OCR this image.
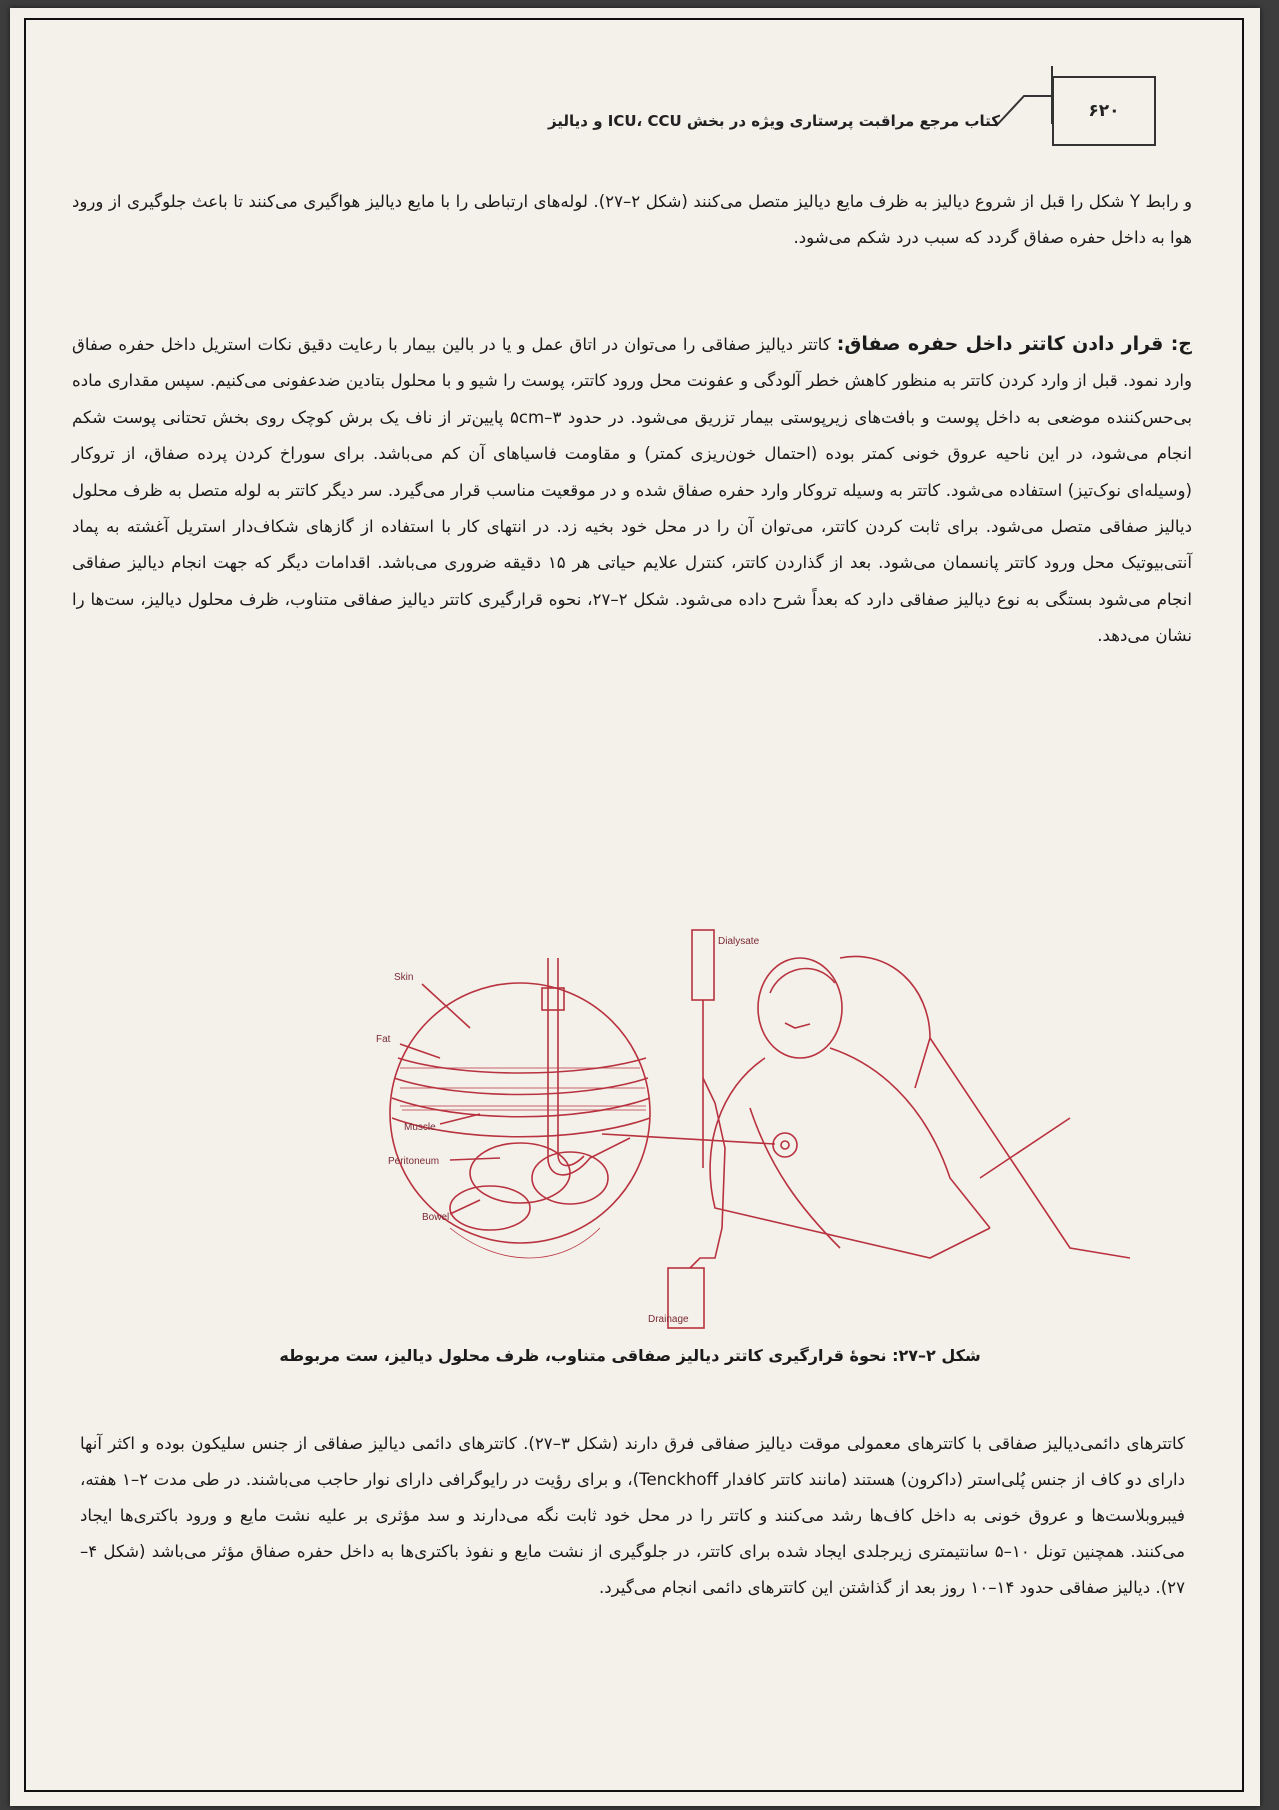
۶۲۰
کتاب مرجع مراقبت پرستاری ویژه در بخش ICU، CCU و دیالیز
و رابط Y شکل را قبل از شروع دیالیز به ظرف مایع دیالیز متصل می‌کنند (شکل ۲–۲۷). لوله‌های ارتباطی را با مایع دیالیز هواگیری می‌کنند تا باعث جلوگیری از ورود هوا به داخل حفره صفاق گردد که سبب درد شکم می‌شود.
ج: قرار دادن کاتتر داخل حفره صفاق: کاتتر دیالیز صفاقی را می‌توان در اتاق عمل و یا در بالین بیمار با رعایت دقیق نکات استریل داخل حفره صفاق وارد نمود. قبل از وارد کردن کاتتر به منظور کاهش خطر آلودگی و عفونت محل ورود کاتتر، پوست را شیو و با محلول بتادین ضدعفونی می‌کنیم. سپس مقداری ماده بی‌حس‌کننده موضعی به داخل پوست و بافت‌های زیرپوستی بیمار تزریق می‌شود. در حدود ۳–۵cm پایین‌تر از ناف یک برش کوچک روی بخش تحتانی پوست شکم انجام می‌شود، در این ناحیه عروق خونی کمتر بوده (احتمال خون‌ریزی کمتر) و مقاومت فاسیاهای آن کم می‌باشد. برای سوراخ کردن پرده صفاق، از تروکار (وسیله‌ای نوک‌تیز) استفاده می‌شود. کاتتر به وسیله تروکار وارد حفره صفاق شده و در موقعیت مناسب قرار می‌گیرد. سر دیگر کاتتر به لوله متصل به ظرف محلول دیالیز صفاقی متصل می‌شود. برای ثابت کردن کاتتر، می‌توان آن را در محل خود بخیه زد. در انتهای کار با استفاده از گازهای شکاف‌دار استریل آغشته به پماد آنتی‌بیوتیک محل ورود کاتتر پانسمان می‌شود. بعد از گذاردن کاتتر، کنترل علایم حیاتی هر ۱۵ دقیقه ضروری می‌باشد. اقدامات دیگر که جهت انجام دیالیز صفاقی انجام می‌شود بستگی به نوع دیالیز صفاقی دارد که بعداً شرح داده می‌شود. شکل ۲–۲۷، نحوه قرارگیری کاتتر دیالیز صفاقی متناوب، ظرف محلول دیالیز، ست‌ها را نشان می‌دهد.
Dialysate
Skin
Fat
Muscle
Peritoneum
Bowel
Drainage
شکل ۲–۲۷: نحوهٔ قرارگیری کاتتر دیالیز صفاقی متناوب، ظرف محلول دیالیز، ست مربوطه
کاتترهای دائمی‌دیالیز صفاقی با کاتترهای معمولی موقت دیالیز صفاقی فرق دارند (شکل ۳–۲۷). کاتترهای دائمی دیالیز صفاقی از جنس سلیکون بوده و اکثر آنها دارای دو کاف از جنس پُلی‌استر (داکرون) هستند (مانند کاتتر کافدار Tenckhoff)، و برای رؤیت در رایوگرافی دارای نوار حاجب می‌باشند. در طی مدت ۲–۱ هفته، فیبروبلاست‌ها و عروق خونی به داخل کاف‌ها رشد می‌کنند و کاتتر را در محل خود ثابت نگه می‌دارند و سد مؤثری بر علیه نشت مایع و ورود باکتری‌ها ایجاد می‌کنند. همچنین تونل ۱۰–۵ سانتیمتری زیرجلدی ایجاد شده برای کاتتر، در جلوگیری از نشت مایع و نفوذ باکتری‌ها به داخل حفره صفاق مؤثر می‌باشد (شکل ۴–۲۷). دیالیز صفاقی حدود ۱۴–۱۰ روز بعد از گذاشتن این کاتترهای دائمی انجام می‌گیرد.
